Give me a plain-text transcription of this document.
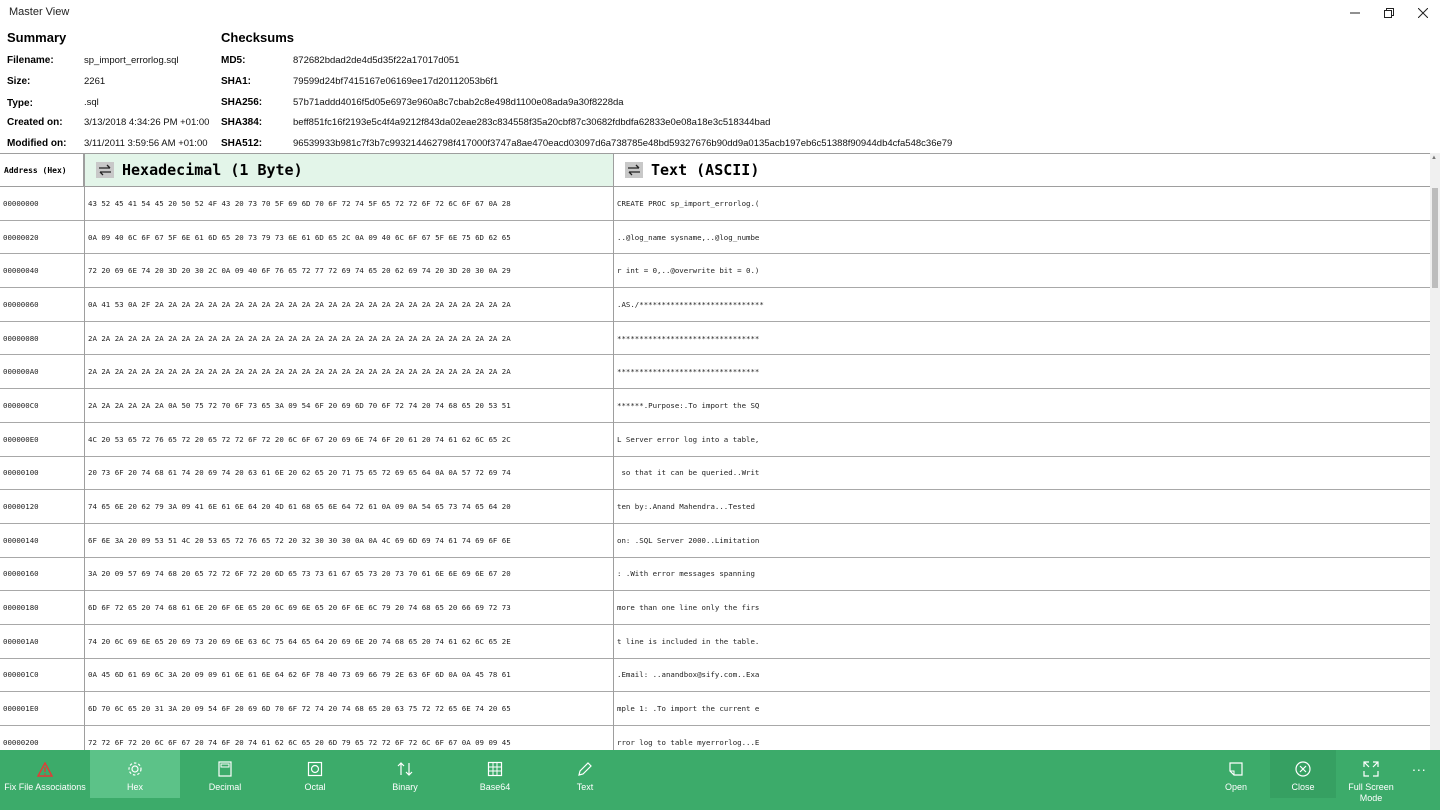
Master View
Summary
Filename:	sp_import_errorlog.sql
Size:	2261
Type:	.sql
Created on: 3/13/2018 4:34:26 PM +01:00
Modified on: 3/11/2011 3:59:56 AM +01:00
Checksums
MD5:	872682bdad2de4d5d35f22a17017d051
SHA1:	79599d24bf7415167e06169ee17d20112053b6f1
SHA256:	57b71addd4016f5d05e6973e960a8c7cbab2c8e498d1100e08ada9a30f8228da
SHA384:	beff851fc16f2193e5c4f4a9212f843da02eae283c834558f35a20cbf87c30682fdbdfa62833e0e08a18e3c518344bad
SHA512:	96539933b981c7f3b7c993214462798f417000f3747a8ae470eacd03097d6a738785e48bd59327676b90dd9a0135acb197eb6c51388f90944db4cfa548c36e79
Address (Hex)	Hexadecimal (1 Byte)	Text (ASCII)
00000000	43 52 45 41 54 45 20 50 52 4F 43 20 73 70 5F 69 6D 70 6F 72 74 5F 65 72 72 6F 72 6C 6F 67 0A 28	CREATE PROC sp_import_errorlog.(
00000020	0A 09 40 6C 6F 67 5F 6E 61 6D 65 20 73 79 73 6E 61 6D 65 2C 0A 09 40 6C 6F 67 5F 6E 75 6D 62 65	..@log_name sysname,..@log_numbe
00000040	72 20 69 6E 74 20 3D 20 30 2C 0A 09 40 6F 76 65 72 77 72 69 74 65 20 62 69 74 20 3D 20 30 0A 29	r int = 0,..@overwrite bit = 0.)
00000060	0A 41 53 0A 2F 2A 2A 2A 2A 2A 2A 2A 2A 2A 2A 2A 2A 2A 2A 2A 2A 2A 2A 2A 2A 2A 2A 2A 2A 2A 2A 2A	.AS./****************************
00000080	2A 2A 2A 2A 2A 2A 2A 2A 2A 2A 2A 2A 2A 2A 2A 2A 2A 2A 2A 2A 2A 2A 2A 2A 2A 2A 2A 2A 2A 2A 2A 2A	********************************
000000A0	2A 2A 2A 2A 2A 2A 2A 2A 2A 2A 2A 2A 2A 2A 2A 2A 2A 2A 2A 2A 2A 2A 2A 2A 2A 2A 2A 2A 2A 2A 2A 2A	********************************
000000C0	2A 2A 2A 2A 2A 2A 0A 50 75 72 70 6F 73 65 3A 09 54 6F 20 69 6D 70 6F 72 74 20 74 68 65 20 53 51	******.Purpose:.To import the SQ
000000E0	4C 20 53 65 72 76 65 72 20 65 72 72 6F 72 20 6C 6F 67 20 69 6E 74 6F 20 61 20 74 61 62 6C 65 2C	L Server error log into a table,
00000100	20 73 6F 20 74 68 61 74 20 69 74 20 63 61 6E 20 62 65 20 71 75 65 72 69 65 64 0A 0A 57 72 69 74	so that it can be queried..Writ
00000120	74 65 6E 20 62 79 3A 09 41 6E 61 6E 64 20 4D 61 68 65 6E 64 72 61 0A 09 0A 54 65 73 74 65 64 20	ten by:.Anand Mahendra...Tested
00000140	6F 6E 3A 20 09 53 51 4C 20 53 65 72 76 65 72 20 32 30 30 30 0A 0A 4C 69 6D 69 74 61 74 69 6F 6E	on: .SQL Server 2000..Limitation
00000160	3A 20 09 57 69 74 68 20 65 72 72 6F 72 20 6D 65 73 73 61 67 65 73 20 73 70 61 6E 6E 69 6E 67 20	: .With error messages spanning
00000180	6D 6F 72 65 20 74 68 61 6E 20 6F 6E 65 20 6C 69 6E 65 20 6F 6E 6C 79 20 74 68 65 20 66 69 72 73	more than one line only the firs
000001A0	74 20 6C 69 6E 65 20 69 73 20 69 6E 63 6C 75 64 65 64 20 69 6E 20 74 68 65 20 74 61 62 6C 65 2E	t line is included in the table.
000001C0	0A 45 6D 61 69 6C 3A 20 09 09 61 6E 61 6E 64 62 6F 78 40 73 69 66 79 2E 63 6F 6D 0A 0A 45 78 61	.Email: ..anandbox@sify.com..Exa
000001E0	6D 70 6C 65 20 31 3A 20 09 54 6F 20 69 6D 70 6F 72 74 20 74 68 65 20 63 75 72 72 65 6E 74 20 65	mple 1: .To import the current e
00000200	72 72 6F 72 20 6C 6F 67 20 74 6F 20 74 61 62 6C 65 20 6D 79 65 72 72 6F 72 6C 6F 67 0A 09 09 45	rror log to table myerrorlog...E
▲
Fix File Associations	Hex	Decimal	Octal	Binary	Base64	Text	Open	Close	Full Screen Mode
...
